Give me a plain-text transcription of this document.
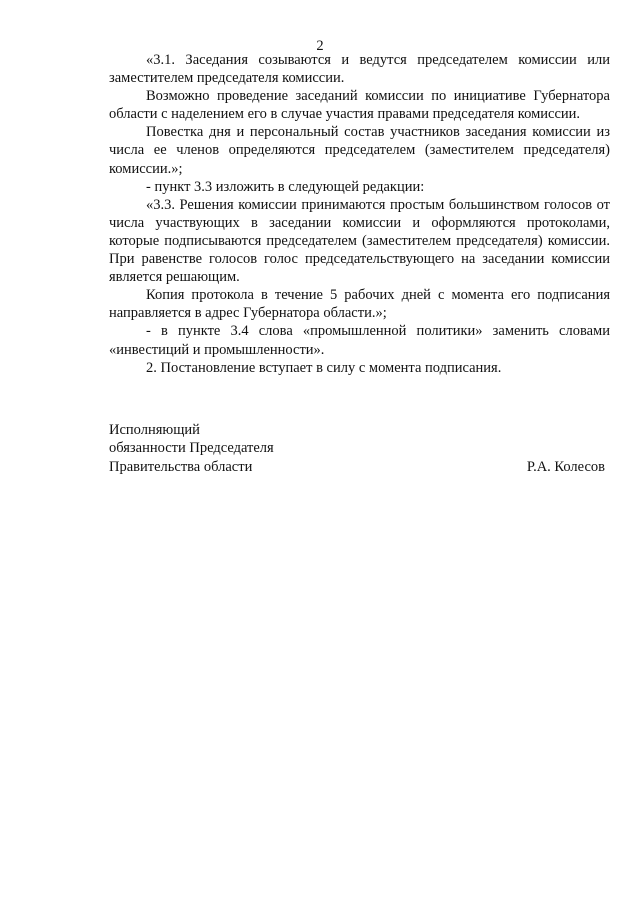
2

«3.1. Заседания созываются и ведутся председателем комиссии или заместителем председателя комиссии.

Возможно проведение заседаний комиссии по инициативе Губернатора области с наделением его в случае участия правами председателя комиссии.

Повестка дня и персональный состав участников заседания комиссии из числа ее членов определяются председателем (заместителем председателя) комиссии.»;

- пункт 3.3 изложить в следующей редакции:

«3.3. Решения комиссии принимаются простым большинством голосов от числа участвующих в заседании комиссии и оформляются протоколами, которые подписываются председателем (заместителем председателя) комиссии. При равенстве голосов голос председательствующего на заседании комиссии является решающим.

Копия протокола в течение 5 рабочих дней с момента его подписания направляется в адрес Губернатора области.»;

- в пункте 3.4 слова «промышленной политики» заменить словами «инвестиций и промышленности».

2. Постановление вступает в силу с момента подписания.

Исполняющий
обязанности Председателя
Правительства области	Р.А. Колесов
